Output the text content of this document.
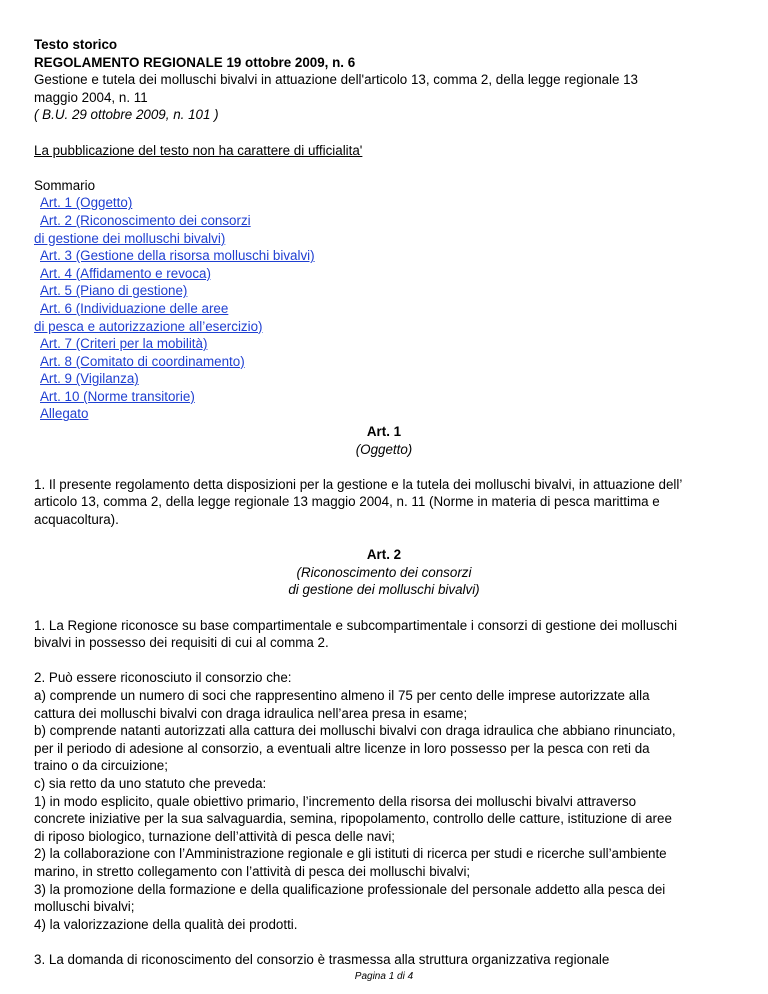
Testo storico

REGOLAMENTO REGIONALE 19 ottobre 2009, n. 6

Gestione e tutela dei molluschi bivalvi in attuazione dell'articolo 13, comma 2, della legge regionale 13

maggio 2004, n. 11

( B.U. 29 ottobre 2009, n. 101 )

La pubblicazione del testo non ha carattere di ufficialita'

Sommario

Art. 1 (Oggetto)
Art. 2 (Riconoscimento dei consorzi
di gestione dei molluschi bivalvi)
Art. 3 (Gestione della risorsa molluschi bivalvi)
Art. 4 (Affidamento e revoca)
Art. 5 (Piano di gestione)
Art. 6 (Individuazione delle aree
di pesca e autorizzazione all’esercizio)
Art. 7 (Criteri per la mobilità)
Art. 8 (Comitato di coordinamento)
Art. 9 (Vigilanza)
Art. 10 (Norme transitorie)
Allegato

Art. 1

(Oggetto)

1. Il presente regolamento detta disposizioni per la gestione e la tutela dei molluschi bivalvi, in attuazione dell’

articolo 13, comma 2, della legge regionale 13 maggio 2004, n. 11 (Norme in materia di pesca marittima e

acquacoltura).

Art. 2

(Riconoscimento dei consorzi

di gestione dei molluschi bivalvi)

1. La Regione riconosce su base compartimentale e subcompartimentale i consorzi di gestione dei molluschi

bivalvi in possesso dei requisiti di cui al comma 2.

2. Può essere riconosciuto il consorzio che:

a) comprende un numero di soci che rappresentino almeno il 75 per cento delle imprese autorizzate alla

cattura dei molluschi bivalvi con draga idraulica nell’area presa in esame;

b) comprende natanti autorizzati alla cattura dei molluschi bivalvi con draga idraulica che abbiano rinunciato,

per il periodo di adesione al consorzio, a eventuali altre licenze in loro possesso per la pesca con reti da

traino o da circuizione;

c) sia retto da uno statuto che preveda:

1) in modo esplicito, quale obiettivo primario, l’incremento della risorsa dei molluschi bivalvi attraverso

concrete iniziative per la sua salvaguardia, semina, ripopolamento, controllo delle catture, istituzione di aree

di riposo biologico, turnazione dell’attività di pesca delle navi;

2) la collaborazione con l’Amministrazione regionale e gli istituti di ricerca per studi e ricerche sull’ambiente

marino, in stretto collegamento con l’attività di pesca dei molluschi bivalvi;

3) la promozione della formazione e della qualificazione professionale del personale addetto alla pesca dei

molluschi bivalvi;

4) la valorizzazione della qualità dei prodotti.

3. La domanda di riconoscimento del consorzio è trasmessa alla struttura organizzativa regionale

Pagina 1 di 4
